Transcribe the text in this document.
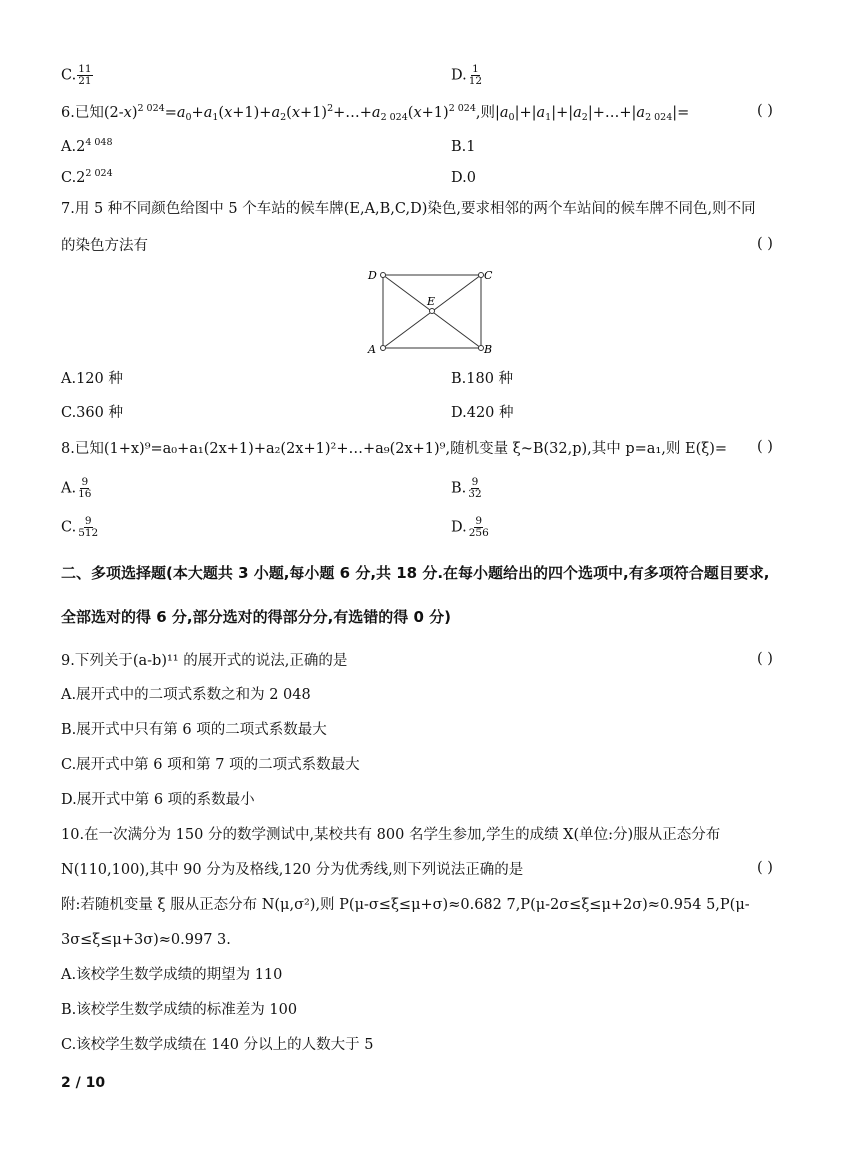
C. $\frac{11}{21}$	D. $\frac{1}{12}$
6.已知$(2-x)^{2 024}=a_0+a_1(x+1)+a_2(x+1)^2+\dots+a_{2 024}(x+1)^{2 024}$,则$|a_0|+|a_1|+|a_2|+\dots+|a_{2 024}|=$	( )
$A.2^{4 048}$	B.1
$C.2^{2 024}$	D.0
7.用 5 种不同颜色给图中 5 个车站的候车牌(E,A,B,C,D)染色,要求相邻的两个车站间的候车牌不同色,则不同
的染色方法有	( )
D	C
A	B
E
A.120 种	B.180 种
C.360 种	D.420 种
8.已知(1+x)⁹=a₀+a₁(2x+1)+a₂(2x+1)²+…+a₉(2x+1)⁹,随机变量 ξ~B(32,p),其中 p=a₁,则 E(ξ)= ( )
A. $\frac{9}{16}$	B. $\frac{9}{32}$
C. $\frac{9}{512}$	D. $\frac{9}{256}$
二、多项选择题(本大题共 3 小题,每小题 6 分,共 18 分.在每小题给出的四个选项中,有多项符合题目要求,
全部选对的得 6 分,部分选对的得部分分,有选错的得 0 分)
9.下列关于(a-b)¹¹ 的展开式的说法,正确的是	( )
A.展开式中的二项式系数之和为 2 048
B.展开式中只有第 6 项的二项式系数最大
C.展开式中第 6 项和第 7 项的二项式系数最大
D.展开式中第 6 项的系数最小
10.在一次满分为 150 分的数学测试中,某校共有 800 名学生参加,学生的成绩 X(单位:分)服从正态分布
N(110,100),其中 90 分为及格线,120 分为优秀线,则下列说法正确的是	( )
附:若随机变量 ξ 服从正态分布 N(μ,σ²),则 P(μ-σ≤ξ≤μ+σ)≈0.682 7,P(μ-2σ≤ξ≤μ+2σ)≈0.954 5,P(μ-
3σ≤ξ≤μ+3σ)≈0.997 3.
A.该校学生数学成绩的期望为 110
B.该校学生数学成绩的标准差为 100
C.该校学生数学成绩在 140 分以上的人数大于 5
2 / 10
